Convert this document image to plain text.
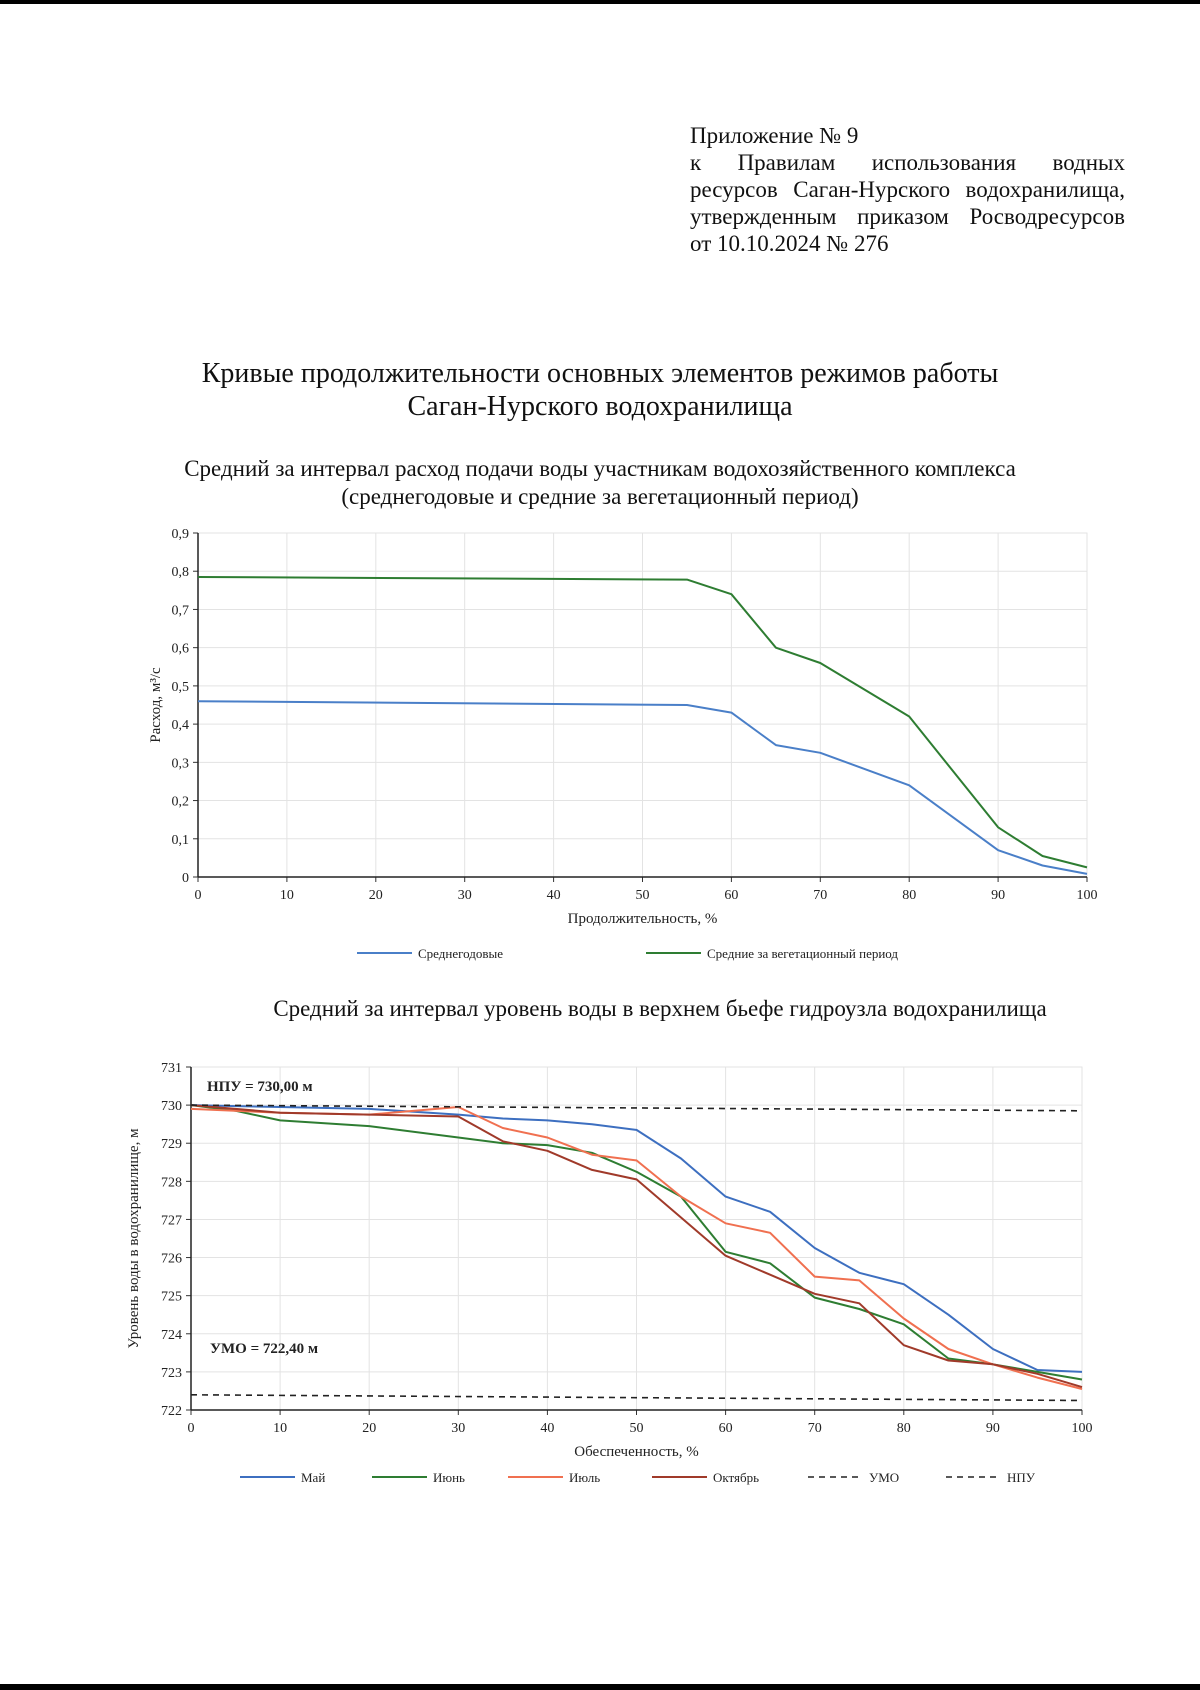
Приложение № 9
к Правилам использования водных
ресурсов Саган-Нурского водохранилища,
утвержденным приказом Росводресурсов
от 10.10.2024 № 276
Кривые продолжительности основных элементов режимов работы
Саган-Нурского водохранилища
Средний за интервал расход подачи воды участникам водохозяйственного комплекса
(среднегодовые и средние за вегетационный период)
0	10	20	30	40	50	60	70	80	90	100
0
0,1
0,2
0,3
0,4
0,5
0,6
0,7
0,8
0,9
Продолжительность, %
Расход, м³/с
Среднегодовые	Средние за вегетационный период
Средний за интервал уровень воды в верхнем бьефе гидроузла водохранилища
0	10	20	30	40	50	60	70	80	90	100
722
723
724
725
726
727
728
729
730
731
Обеспеченность, %
Уровень воды в водохранилище, м
Май	Июнь	Июль	Октябрь	УМО	НПУ
НПУ = 730,00 м
УМО = 722,40 м
